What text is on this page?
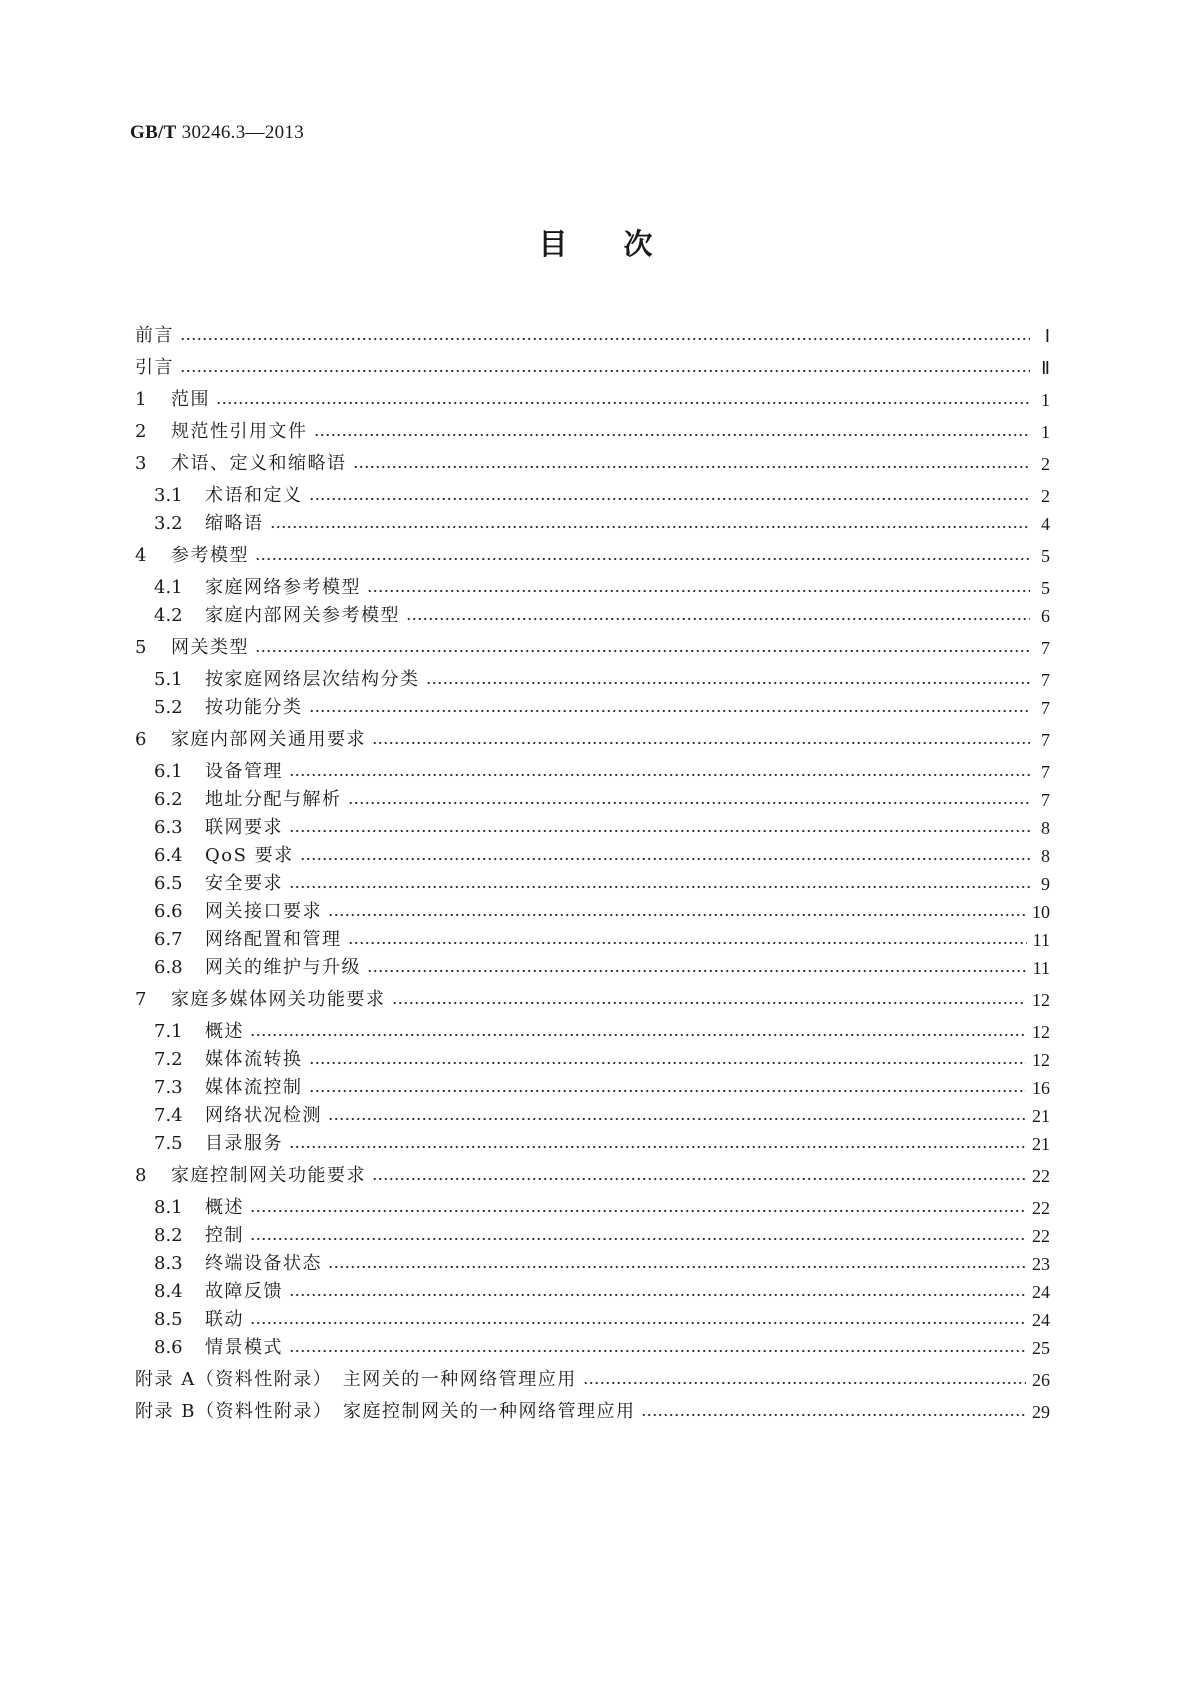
GB/T 30246.3—2013
目 次
前言	Ⅰ
引言	Ⅱ
1	范围	1
2	规范性引用文件	1
3	术语、定义和缩略语	2
3.1	术语和定义	2
3.2	缩略语	4
4	参考模型	5
4.1	家庭网络参考模型	5
4.2	家庭内部网关参考模型	6
5	网关类型	7
5.1	按家庭网络层次结构分类	7
5.2	按功能分类	7
6	家庭内部网关通用要求	7
6.1	设备管理	7
6.2	地址分配与解析	7
6.3	联网要求	8
6.4	QoS 要求	8
6.5	安全要求	9
6.6	网关接口要求	10
6.7	网络配置和管理	11
6.8	网关的维护与升级	11
7	家庭多媒体网关功能要求	12
7.1	概述	12
7.2	媒体流转换	12
7.3	媒体流控制	16
7.4	网络状况检测	21
7.5	目录服务	21
8	家庭控制网关功能要求	22
8.1	概述	22
8.2	控制	22
8.3	终端设备状态	23
8.4	故障反馈	24
8.5	联动	24
8.6	情景模式	25
附录 A（资料性附录）　主网关的一种网络管理应用	26
附录 B（资料性附录）　家庭控制网关的一种网络管理应用	29
